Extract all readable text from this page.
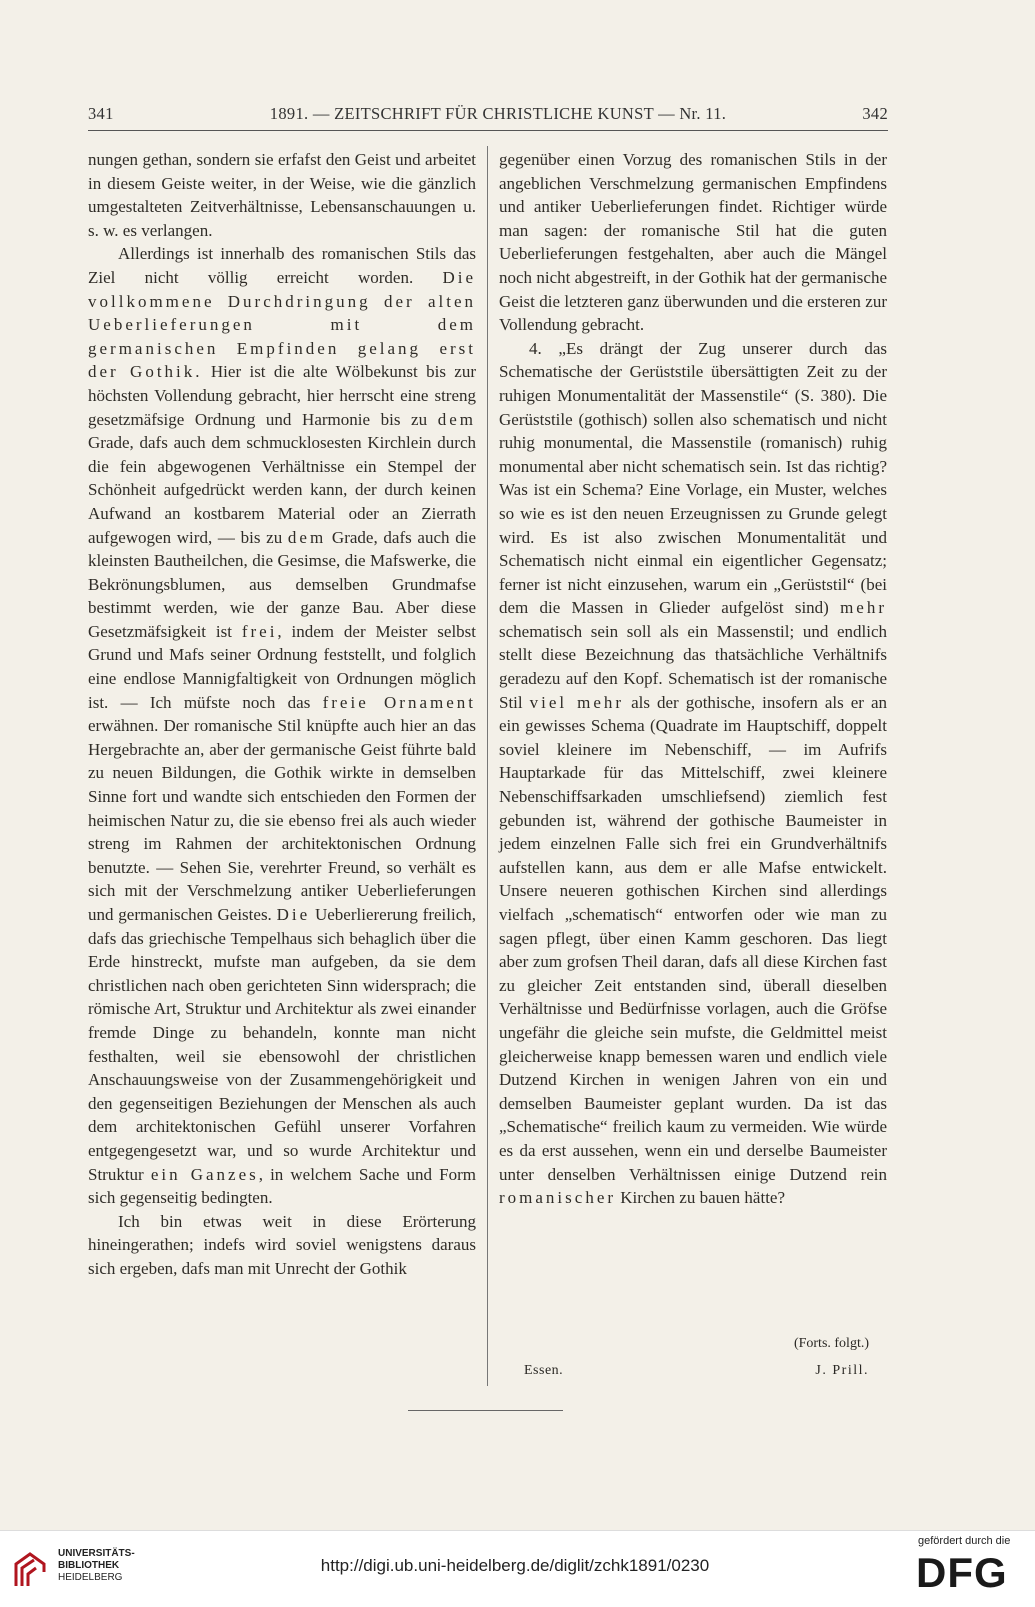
341	1891. — ZEITSCHRIFT FÜR CHRISTLICHE KUNST — Nr. 11.	342

nungen gethan, sondern sie erfafst den Geist und arbeitet in diesem Geiste weiter, in der Weise, wie die gänzlich umgestalteten Zeitverhältnisse, Lebensanschauungen u. s. w. es verlangen.

Allerdings ist innerhalb des romanischen Stils das Ziel nicht völlig erreicht worden. Die vollkommene Durchdringung der alten Ueberlieferungen mit dem germanischen Empfinden gelang erst der Gothik. Hier ist die alte Wölbekunst bis zur höchsten Vollendung gebracht, hier herrscht eine streng gesetzmäfsige Ordnung und Harmonie bis zu dem Grade, dafs auch dem schmucklosesten Kirchlein durch die fein abgewogenen Verhältnisse ein Stempel der Schönheit aufgedrückt werden kann, der durch keinen Aufwand an kostbarem Material oder an Zierrath aufgewogen wird, — bis zu dem Grade, dafs auch die kleinsten Bautheilchen, die Gesimse, die Mafswerke, die Bekrönungsblumen, aus demselben Grundmafse bestimmt werden, wie der ganze Bau. Aber diese Gesetzmäfsigkeit ist frei, indem der Meister selbst Grund und Mafs seiner Ordnung feststellt, und folglich eine endlose Mannigfaltigkeit von Ordnungen möglich ist. — Ich müfste noch das freie Ornament erwähnen. Der romanische Stil knüpfte auch hier an das Hergebrachte an, aber der germanische Geist führte bald zu neuen Bildungen, die Gothik wirkte in demselben Sinne fort und wandte sich entschieden den Formen der heimischen Natur zu, die sie ebenso frei als auch wieder streng im Rahmen der architektonischen Ordnung benutzte. — Sehen Sie, verehrter Freund, so verhält es sich mit der Verschmelzung antiker Ueberlieferungen und germanischen Geistes. Die Ueberliererung freilich, dafs das griechische Tempelhaus sich behaglich über die Erde hinstreckt, mufste man aufgeben, da sie dem christlichen nach oben gerichteten Sinn widersprach; die römische Art, Struktur und Architektur als zwei einander fremde Dinge zu behandeln, konnte man nicht festhalten, weil sie ebensowohl der christlichen Anschauungsweise von der Zusammengehörigkeit und den gegenseitigen Beziehungen der Menschen als auch dem architektonischen Gefühl unserer Vorfahren entgegengesetzt war, und so wurde Architektur und Struktur ein Ganzes, in welchem Sache und Form sich gegenseitig bedingten.

Ich bin etwas weit in diese Erörterung hineingerathen; indefs wird soviel wenigstens daraus sich ergeben, dafs man mit Unrecht der Gothik

gegenüber einen Vorzug des romanischen Stils in der angeblichen Verschmelzung germanischen Empfindens und antiker Ueberlieferungen findet. Richtiger würde man sagen: der romanische Stil hat die guten Ueberlieferungen festgehalten, aber auch die Mängel noch nicht abgestreift, in der Gothik hat der germanische Geist die letzteren ganz überwunden und die ersteren zur Vollendung gebracht.

4. „Es drängt der Zug unserer durch das Schematische der Gerüststile übersättigten Zeit zu der ruhigen Monumentalität der Massenstile“ (S. 380). Die Gerüststile (gothisch) sollen also schematisch und nicht ruhig monumental, die Massenstile (romanisch) ruhig monumental aber nicht schematisch sein. Ist das richtig? Was ist ein Schema? Eine Vorlage, ein Muster, welches so wie es ist den neuen Erzeugnissen zu Grunde gelegt wird. Es ist also zwischen Monumentalität und Schematisch nicht einmal ein eigentlicher Gegensatz; ferner ist nicht einzusehen, warum ein „Gerüststil“ (bei dem die Massen in Glieder aufgelöst sind) mehr schematisch sein soll als ein Massenstil; und endlich stellt diese Bezeichnung das thatsächliche Verhältnifs geradezu auf den Kopf. Schematisch ist der romanische Stil viel mehr als der gothische, insofern als er an ein gewisses Schema (Quadrate im Hauptschiff, doppelt soviel kleinere im Nebenschiff, — im Aufrifs Hauptarkade für das Mittelschiff, zwei kleinere Nebenschiffsarkaden umschliefsend) ziemlich fest gebunden ist, während der gothische Baumeister in jedem einzelnen Falle sich frei ein Grundverhältnifs aufstellen kann, aus dem er alle Mafse entwickelt. Unsere neueren gothischen Kirchen sind allerdings vielfach „schematisch“ entworfen oder wie man zu sagen pflegt, über einen Kamm geschoren. Das liegt aber zum grofsen Theil daran, dafs all diese Kirchen fast zu gleicher Zeit entstanden sind, überall dieselben Verhältnisse und Bedürfnisse vorlagen, auch die Gröfse ungefähr die gleiche sein mufste, die Geldmittel meist gleicherweise knapp bemessen waren und endlich viele Dutzend Kirchen in wenigen Jahren von ein und demselben Baumeister geplant wurden. Da ist das „Schematische“ freilich kaum zu vermeiden. Wie würde es da erst aussehen, wenn ein und derselbe Baumeister unter denselben Verhältnissen einige Dutzend rein romanischer Kirchen zu bauen hätte?

(Forts. folgt.)
Essen.	J. Prill.
UNIVERSITÄTS-
BIBLIOTHEK
HEIDELBERG
http://digi.ub.uni-heidelberg.de/diglit/zchk1891/0230
gefördert durch die
DFG
